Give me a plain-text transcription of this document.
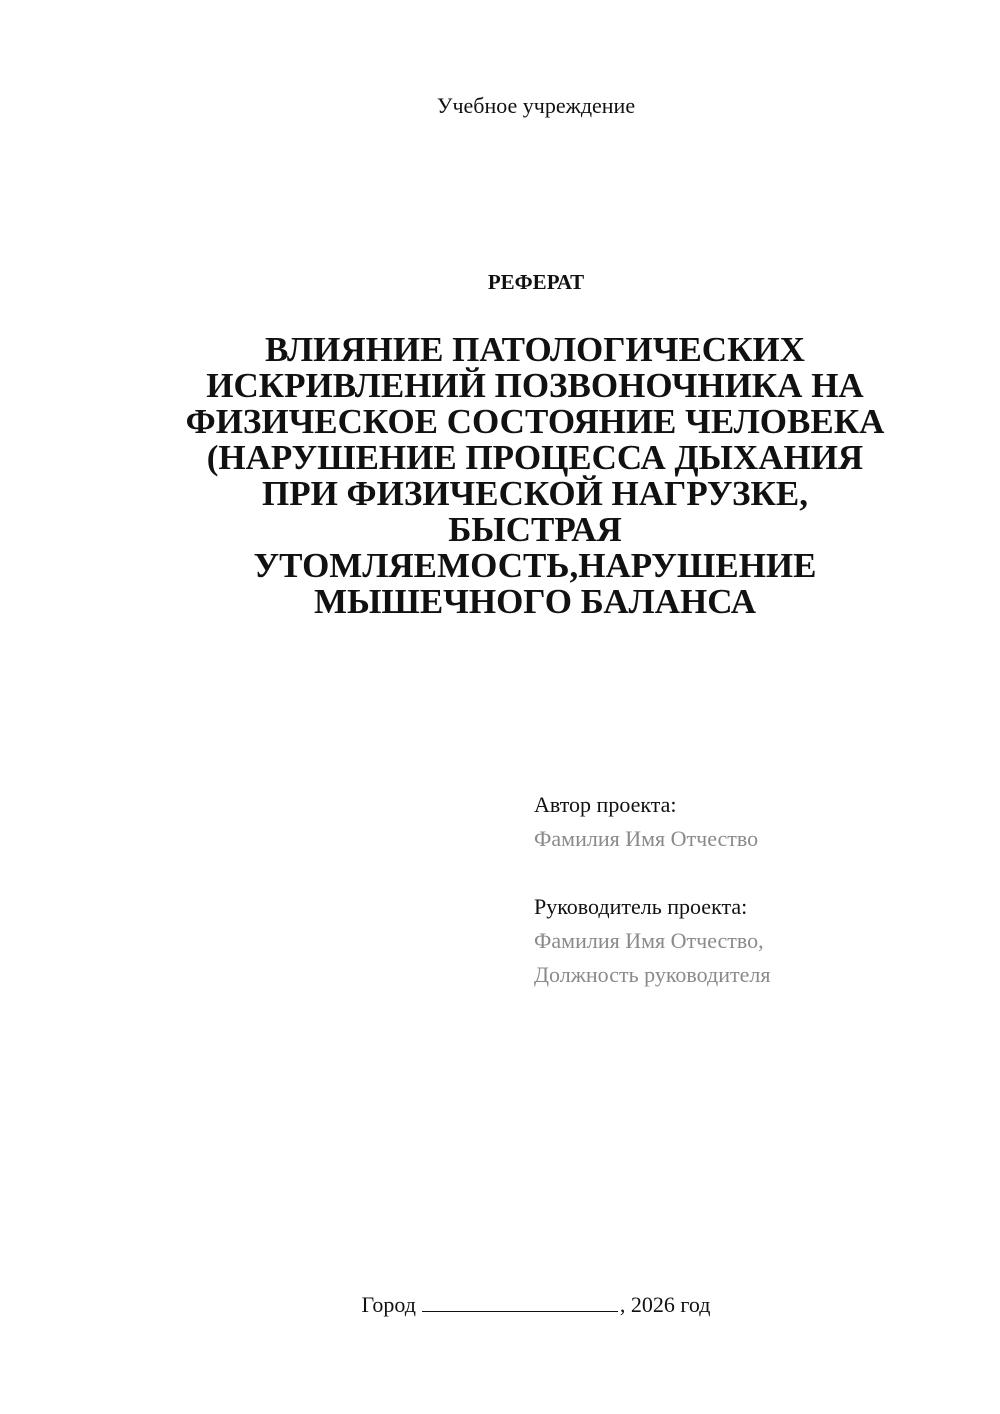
Учебное учреждение
РЕФЕРАТ
ВЛИЯНИЕ ПАТОЛОГИЧЕСКИХ
ИСКРИВЛЕНИЙ ПОЗВОНОЧНИКА НА
ФИЗИЧЕСКОЕ СОСТОЯНИЕ ЧЕЛОВЕКА
(НАРУШЕНИЕ ПРОЦЕССА ДЫХАНИЯ
ПРИ ФИЗИЧЕСКОЙ НАГРУЗКЕ,
БЫСТРАЯ
УТОМЛЯЕМОСТЬ,НАРУШЕНИЕ
МЫШЕЧНОГО БАЛАНСА
Автор проекта:
Фамилия Имя Отчество
Руководитель проекта:
Фамилия Имя Отчество,
Должность руководителя
Город	, 2026 год
